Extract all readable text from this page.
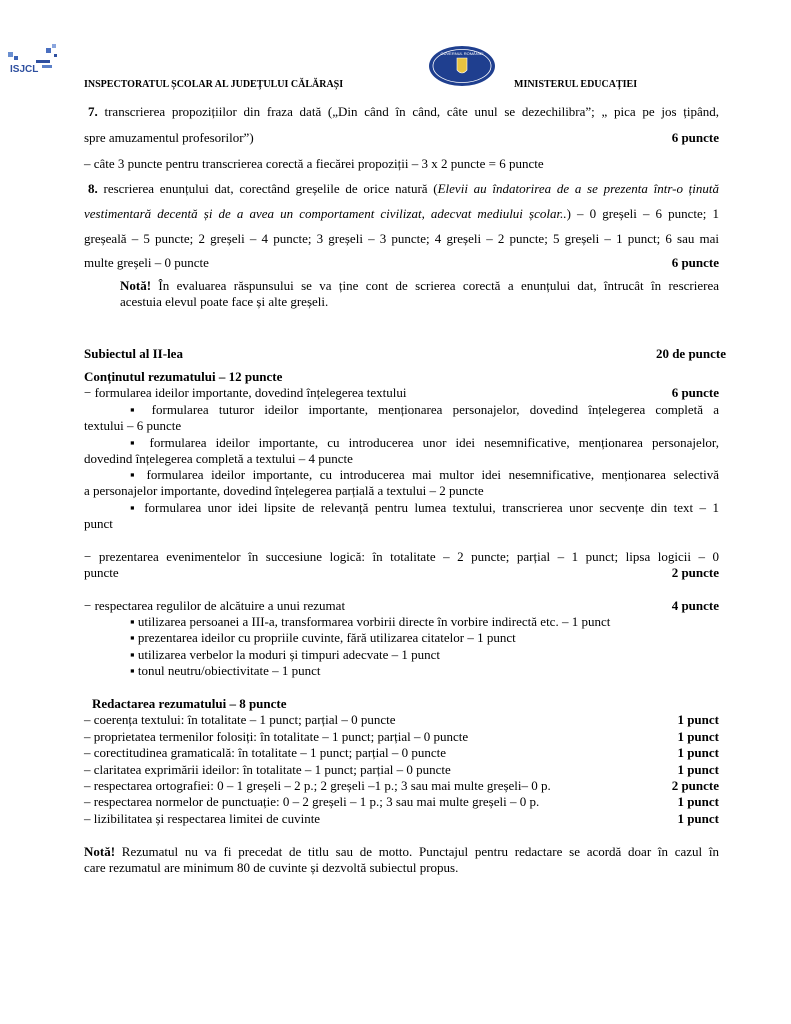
ISJCL
INSPECTORATUL ȘCOLAR AL JUDEȚULUI CĂLĂRAȘI
GUVERNUL ROMÂNIEI
MINISTERUL EDUCAȚIEI
7. transcrierea propozițiilor din fraza dată („Din când în când, câte unul se dezechilibra”; „ pica pe jos țipând,
spre amuzamentul profesorilor”)	6 puncte
– câte 3 puncte pentru transcrierea corectă a fiecărei propoziții – 3 x 2 puncte = 6 puncte
8. rescrierea enunțului dat, corectând greșelile de orice natură (Elevii au îndatorirea de a se prezenta într-o ținută
vestimentară decentă și de a avea un comportament civilizat, adecvat mediului școlar..) – 0 greșeli – 6 puncte; 1
greșeală – 5 puncte; 2 greșeli – 4 puncte; 3 greșeli – 3 puncte; 4 greșeli – 2 puncte; 5 greșeli – 1 punct; 6 sau mai
multe greșeli – 0 puncte	6 puncte
Notă! În evaluarea răspunsului se va ține cont de scrierea corectă a enunțului dat, întrucât în rescrierea
acestuia elevul poate face și alte greșeli.
Subiectul al II-lea	20 de puncte
Conținutul rezumatului – 12 puncte
− formularea ideilor importante, dovedind înțelegerea textului	6 puncte
▪ formularea tuturor ideilor importante, menționarea personajelor, dovedind înțelegerea completă a
textului – 6 puncte
▪ formularea ideilor importante, cu introducerea unor idei nesemnificative, menționarea personajelor,
dovedind înțelegerea completă a textului – 4 puncte
▪ formularea ideilor importante, cu introducerea mai multor idei nesemnificative, menționarea selectivă
a personajelor importante, dovedind înțelegerea parțială a textului – 2 puncte
▪ formularea unor idei lipsite de relevanță pentru lumea textului, transcrierea unor secvențe din text – 1
punct
− prezentarea evenimentelor în succesiune logică: în totalitate – 2 puncte; parțial – 1 punct; lipsa logicii – 0
puncte	2 puncte
− respectarea regulilor de alcătuire a unui rezumat	4 puncte
▪ utilizarea persoanei a III-a, transformarea vorbirii directe în vorbire indirectă etc. – 1 punct
▪ prezentarea ideilor cu propriile cuvinte, fără utilizarea citatelor – 1 punct
▪ utilizarea verbelor la moduri și timpuri adecvate – 1 punct
▪ tonul neutru/obiectivitate – 1 punct
Redactarea rezumatului – 8 puncte
– coerența textului: în totalitate – 1 punct; parțial – 0 puncte	1 punct
– proprietatea termenilor folosiți: în totalitate – 1 punct; parțial – 0 puncte	1 punct
– corectitudinea gramaticală: în totalitate – 1 punct; parțial – 0 puncte	1 punct
– claritatea exprimării ideilor: în totalitate – 1 punct; parțial – 0 puncte	1 punct
– respectarea ortografiei: 0 – 1 greșeli – 2 p.; 2 greșeli –1 p.; 3 sau mai multe greșeli– 0 p.	2 puncte
– respectarea normelor de punctuație: 0 – 2 greșeli – 1 p.; 3 sau mai multe greșeli – 0 p.	1 punct
– lizibilitatea și respectarea limitei de cuvinte	1 punct
Notă! Rezumatul nu va fi precedat de titlu sau de motto. Punctajul pentru redactare se acordă doar în cazul în
care rezumatul are minimum 80 de cuvinte și dezvoltă subiectul propus.
